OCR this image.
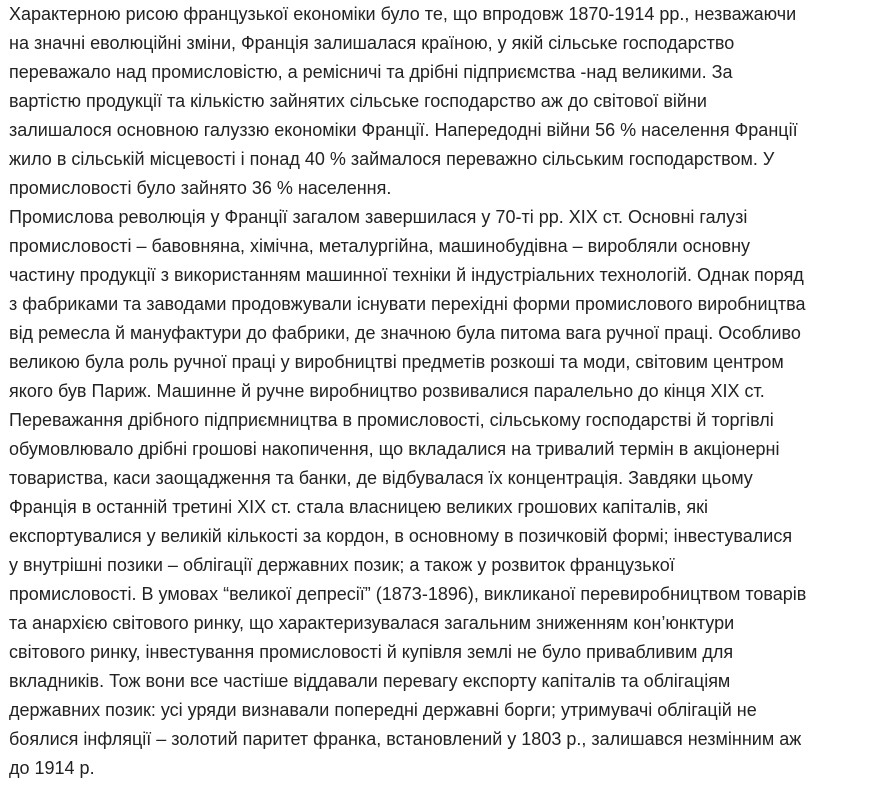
Характерною рисою французької економіки було те, що впродовж 1870-1914 рр., незважаючи
на значні еволюційні зміни, Франція залишалася країною, у якій сільське господарство
переважало над промисловістю, а ремісничі та дрібні підприємства -над великими. За
вартістю продукції та кількістю зайнятих сільське господарство аж до світової війни
залишалося основною галуззю економіки Франції. Напередодні війни 56 % населення Франції
жило в сільській місцевості і понад 40 % займалося переважно сільським господарством. У
промисловості було зайнято 36 % населення.
Промислова революція у Франції загалом завершилася у 70-ті рр. XIX ст. Основні галузі
промисловості – бавовняна, хімічна, металургійна, машинобудівна – виробляли основну
частину продукції з використанням машинної техніки й індустріальних технологій. Однак поряд
з фабриками та заводами продовжували існувати перехідні форми промислового виробництва
від ремесла й мануфактури до фабрики, де значною була питома вага ручної праці. Особливо
великою була роль ручної праці у виробництві предметів розкоші та моди, світовим центром
якого був Париж. Машинне й ручне виробництво розвивалися паралельно до кінця XIX ст.
Переважання дрібного підприємництва в промисловості, сільському господарстві й торгівлі
обумовлювало дрібні грошові накопичення, що вкладалися на тривалий термін в акціонерні
товариства, каси заощадження та банки, де відбувалася їх концентрація. Завдяки цьому
Франція в останній третині XIX ст. стала власницею великих грошових капіталів, які
експортувалися у великій кількості за кордон, в основному в позичковій формі; інвестувалися
у внутрішні позики – облігації державних позик; а також у розвиток французької
промисловості. В умовах “великої депресії” (1873-1896), викликаної перевиробництвом товарів
та анархією світового ринку, що характеризувалася загальним зниженням кон’юнктури
світового ринку, інвестування промисловості й купівля землі не було привабливим для
вкладників. Тож вони все частіше віддавали перевагу експорту капіталів та облігаціям
державних позик: усі уряди визнавали попередні державні борги; утримувачі облігацій не
боялися інфляції – золотий паритет франка, встановлений у 1803 р., залишався незмінним аж
до 1914 р.
